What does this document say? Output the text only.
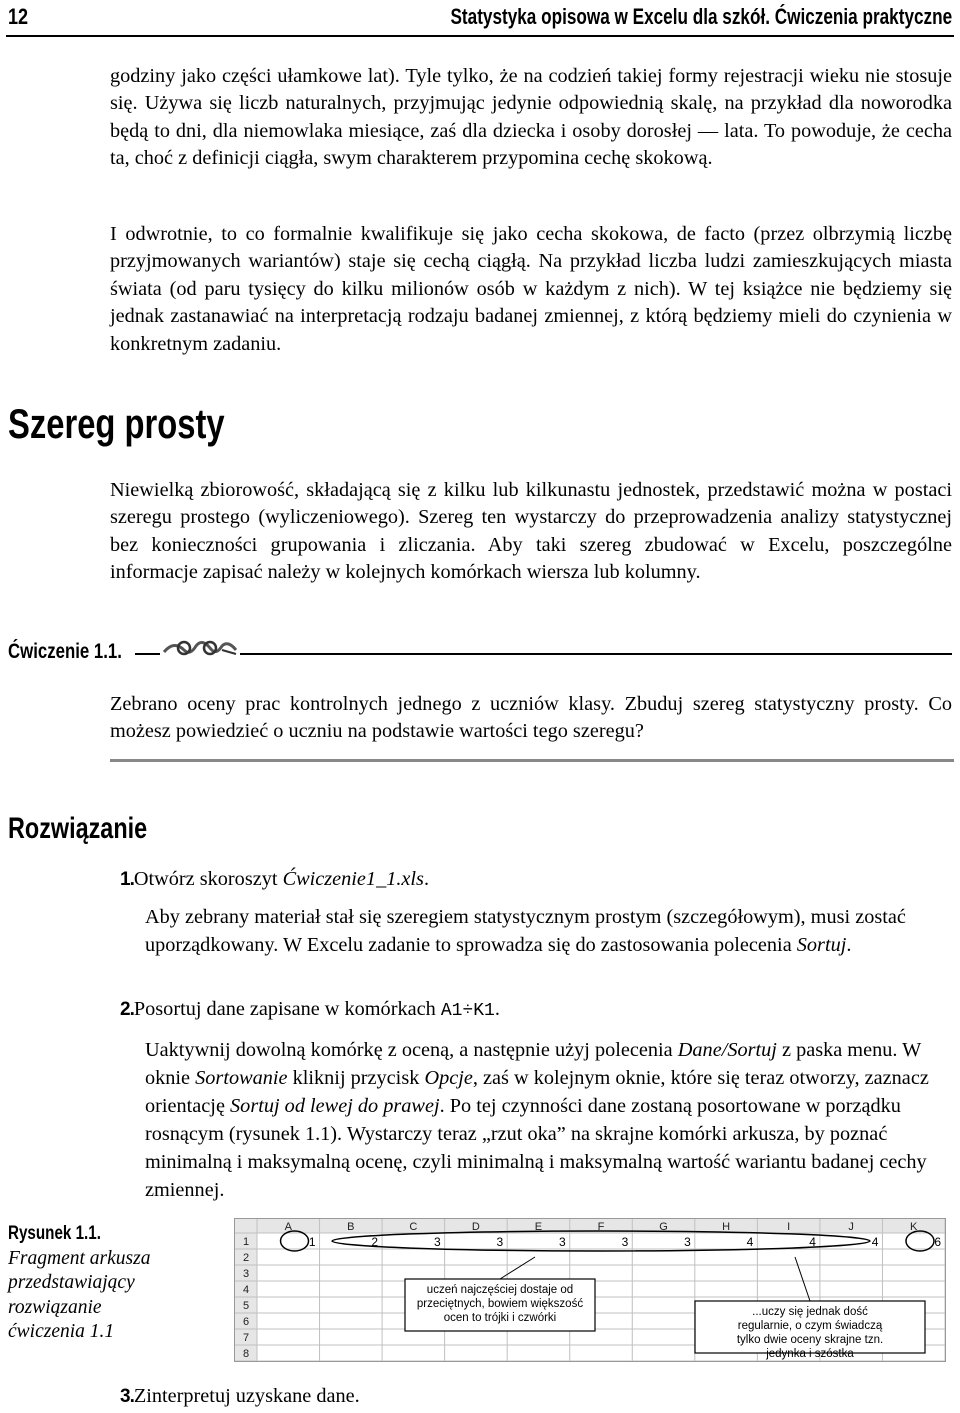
12	Statystyka opisowa w Excelu dla szkół. Ćwiczenia praktyczne

godziny jako części ułamkowe lat). Tyle tylko, że na codzień takiej formy rejestracji wieku nie stosuje się. Używa się liczb naturalnych, przyjmując jedynie odpowiednią skalę, na przykład dla noworodka będą to dni, dla niemowlaka miesiące, zaś dla dziecka i osoby dorosłej — lata. To powoduje, że cecha ta, choć z definicji ciągła, swym charakterem przypomina cechę skokową.

I odwrotnie, to co formalnie kwalifikuje się jako cecha skokowa, de facto (przez olbrzymią liczbę przyjmowanych wariantów) staje się cechą ciągłą. Na przykład liczba ludzi zamieszkujących miasta świata (od paru tysięcy do kilku milionów osób w każdym z nich). W tej książce nie będziemy się jednak zastanawiać na interpretacją rodzaju badanej zmiennej, z którą będziemy mieli do czynienia w konkretnym zadaniu.

Szereg prosty

Niewielką zbiorowość, składającą się z kilku lub kilkunastu jednostek, przedstawić można w postaci szeregu prostego (wyliczeniowego). Szereg ten wystarczy do przeprowadzenia analizy statystycznej bez konieczności grupowania i zliczania. Aby taki szereg zbudować w Excelu, poszczególne informacje zapisać należy w kolejnych komórkach wiersza lub kolumny.

Ćwiczenie 1.1.

Zebrano oceny prac kontrolnych jednego z uczniów klasy. Zbuduj szereg statystyczny prosty. Co możesz powiedzieć o uczniu na podstawie wartości tego szeregu?

Rozwiązanie
1.Otwórz skoroszyt Ćwiczenie1_1.xls.

Aby zebrany materiał stał się szeregiem statystycznym prostym (szczegółowym), musi zostać uporządkowany. W Excelu zadanie to sprowadza się do zastosowania polecenia Sortuj.

2.Posortuj dane zapisane w komórkach A1÷K1.

Uaktywnij dowolną komórkę z oceną, a następnie użyj polecenia Dane/Sortuj z paska menu. W oknie Sortowanie kliknij przycisk Opcje, zaś w kolejnym oknie, które się teraz otworzy, zaznacz orientację Sortuj od lewej do prawej. Po tej czynności dane zostaną posortowane w porządku rosnącym (rysunek 1.1). Wystarczy teraz „rzut oka” na skrajne komórki arkusza, by poznać minimalną i maksymalną ocenę, czyli minimalną i maksymalną wartość wariantu badanej cechy zmiennej.

Rysunek 1.1.
Fragment arkusza przedstawiający rozwiązanie ćwiczenia 1.1
A	B	C	D	E	F	G	H	I	J	K
1
2
3
4
5
6
7
8
1	2	3	3	3	3	3	4	4	4	6
uczeń najczęściej dostaje od
przeciętnych, bowiem większość
ocen to trójki i czwórki	...uczy się jednak dość
regularnie, o czym świadczą
tylko dwie oceny skrajne tzn.
jedynka i szóstka
3.Zinterpretuj uzyskane dane.
